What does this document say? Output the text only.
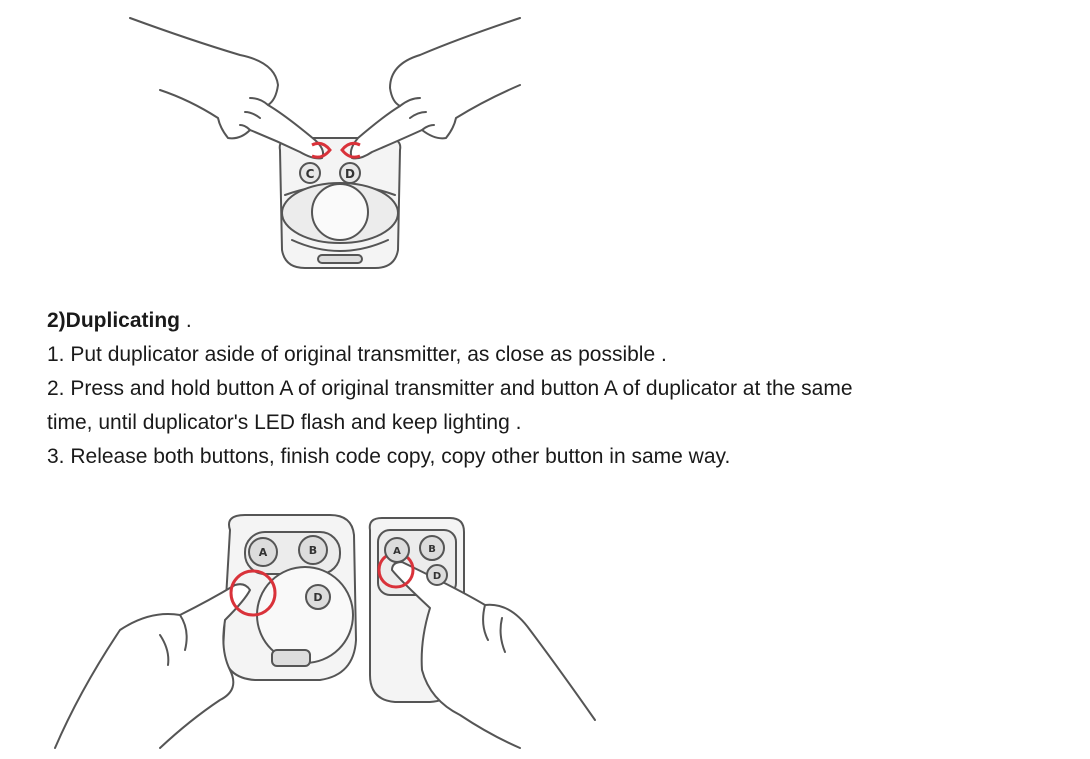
C	D

2)Duplicating .

1. Put duplicator aside of original transmitter, as close as possible .

2. Press and hold button A of original transmitter and button A of duplicator at the same

time, until duplicator's LED flash and keep lighting .

3. Release both buttons, finish code copy, copy other button in same way.

A	B
D
A	B
D
